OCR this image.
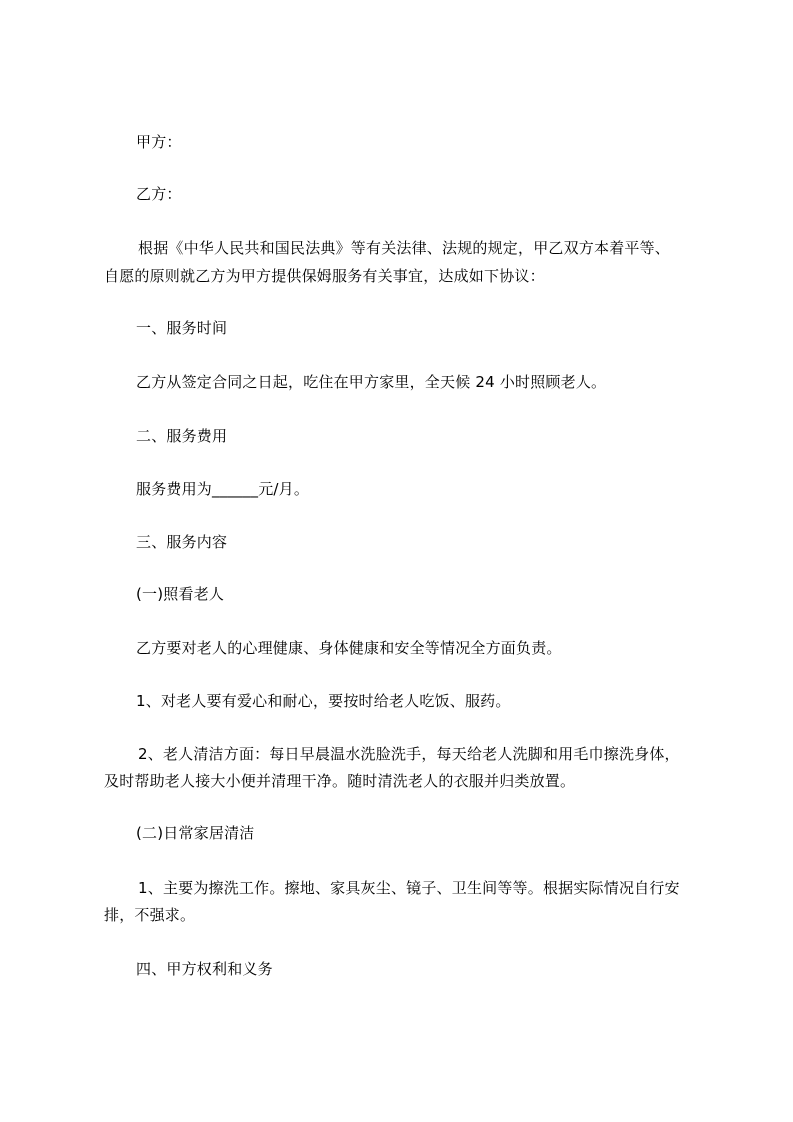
甲方：
乙方：
根据《中华人民共和国民法典》等有关法律、法规的规定，甲乙双方本着平等、
自愿的原则就乙方为甲方提供保姆服务有关事宜，达成如下协议：
一、服务时间
乙方从签定合同之日起，吃住在甲方家里，全天候 24 小时照顾老人。
二、服务费用
服务费用为______元/月。
三、服务内容
(一)照看老人
乙方要对老人的心理健康、身体健康和安全等情况全方面负责。
1、对老人要有爱心和耐心，要按时给老人吃饭、服药。
2、老人清洁方面：每日早晨温水洗脸洗手，每天给老人洗脚和用毛巾擦洗身体，
及时帮助老人接大小便并清理干净。随时清洗老人的衣服并归类放置。
(二)日常家居清洁
1、主要为擦洗工作。擦地、家具灰尘、镜子、卫生间等等。根据实际情况自行安
排，不强求。
四、甲方权利和义务
